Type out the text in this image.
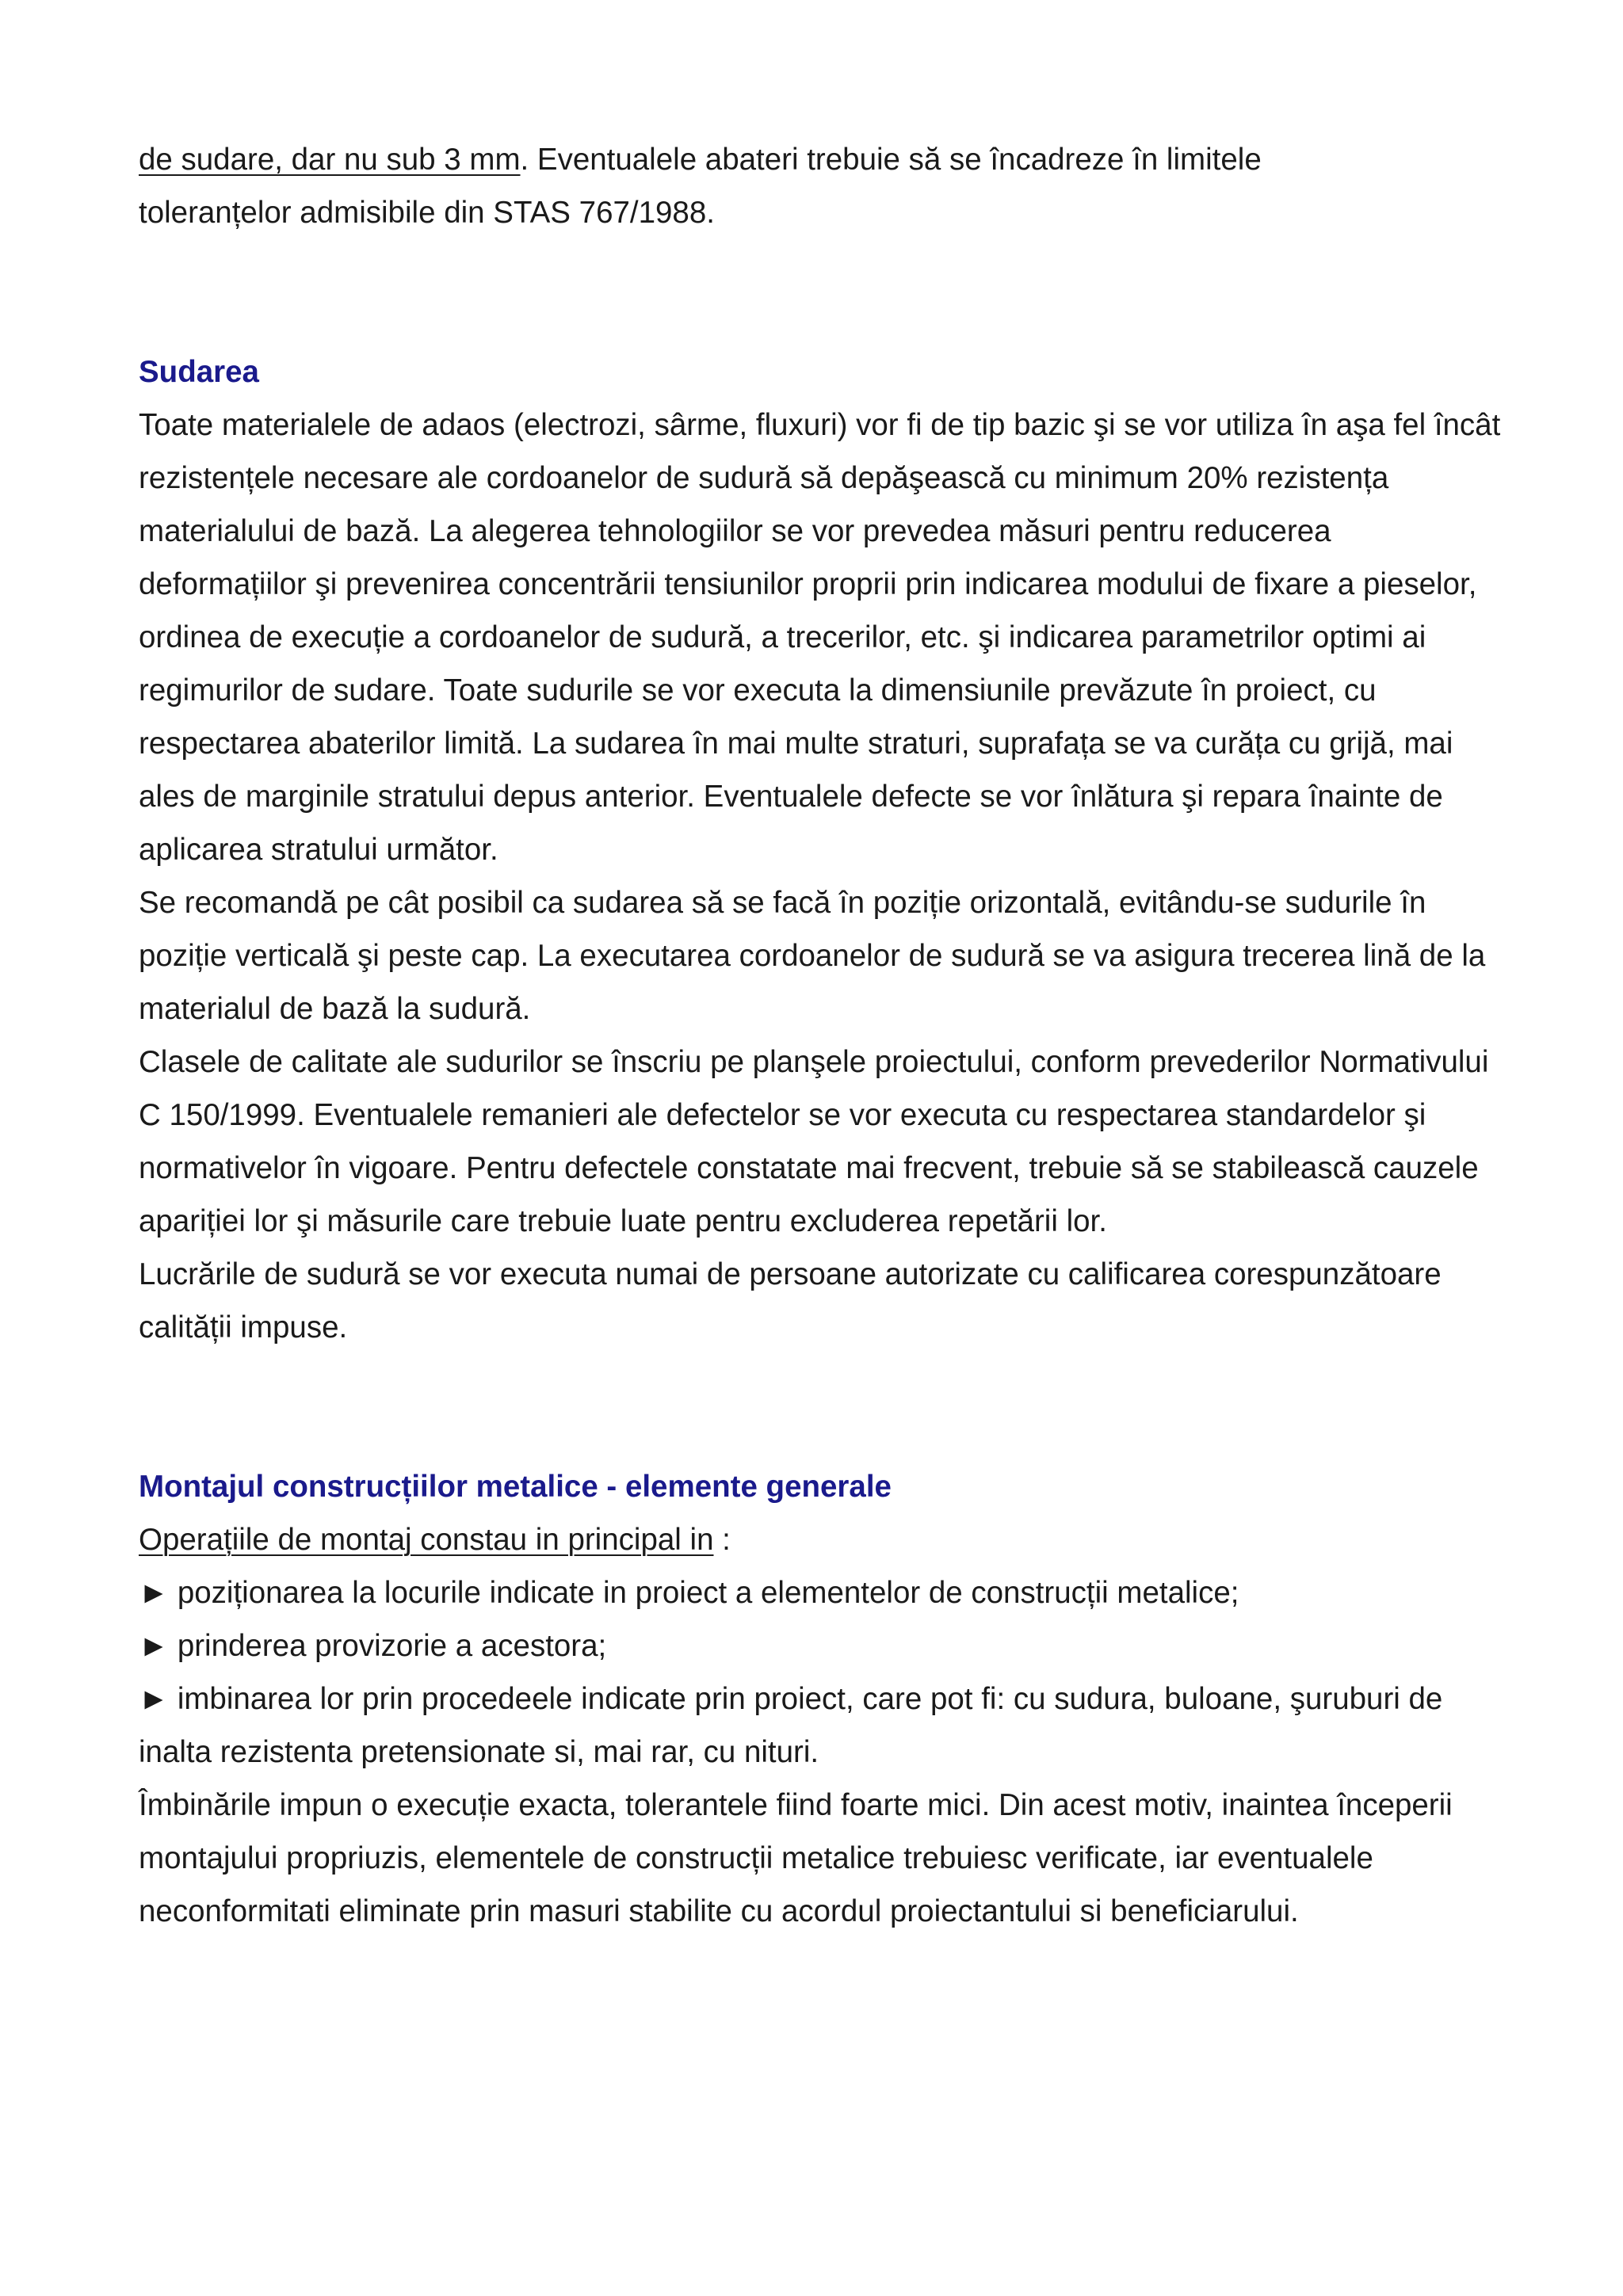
de sudare, dar nu sub 3 mm. Eventualele abateri trebuie să se încadreze în limitele
toleranțelor admisibile din STAS 767/1988.

Sudarea

Toate materialele de adaos (electrozi, sârme, fluxuri) vor fi de tip bazic şi se vor utiliza în aşa fel încât rezistențele necesare ale cordoanelor de sudură să depăşească cu minimum 20% rezistența materialului de bază. La alegerea tehnologiilor se vor prevedea măsuri pentru reducerea deformațiilor şi prevenirea concentrării tensiunilor proprii prin indicarea modului de fixare a pieselor, ordinea de execuție a cordoanelor de sudură, a trecerilor, etc. şi indicarea parametrilor optimi ai regimurilor de sudare. Toate sudurile se vor executa la dimensiunile prevăzute în proiect, cu respectarea abaterilor limită. La sudarea în mai multe straturi, suprafața se va curăța cu grijă, mai ales de marginile stratului depus anterior. Eventualele defecte se vor înlătura şi repara înainte de aplicarea stratului următor.

Se recomandă pe cât posibil ca sudarea să se facă în poziție orizontală, evitându-se sudurile în poziție verticală şi peste cap. La executarea cordoanelor de sudură se va asigura trecerea lină de la materialul de bază la sudură.

Clasele de calitate ale sudurilor se înscriu pe planşele proiectului, conform prevederilor Normativului C 150/1999. Eventualele remanieri ale defectelor se vor executa cu respectarea standardelor şi normativelor în vigoare. Pentru defectele constatate mai frecvent, trebuie să se stabilească cauzele apariției lor şi măsurile care trebuie luate pentru excluderea repetării lor.

Lucrările de sudură se vor executa numai de persoane autorizate cu calificarea corespunzătoare calității impuse.

Montajul construcțiilor metalice - elemente generale

Operațiile de montaj constau in principal in :

► poziționarea la locurile indicate in proiect a elementelor de construcții metalice;

► prinderea provizorie a acestora;

► imbinarea lor prin procedeele indicate prin proiect, care pot fi: cu sudura, buloane, şuruburi de inalta rezistenta pretensionate si, mai rar, cu nituri.

Îmbinările impun o execuție exacta, tolerantele fiind foarte mici. Din acest motiv, inaintea începerii montajului propriuzis, elementele de construcții metalice trebuiesc verificate, iar eventualele neconformitati eliminate prin masuri stabilite cu acordul proiectantului si beneficiarului.
